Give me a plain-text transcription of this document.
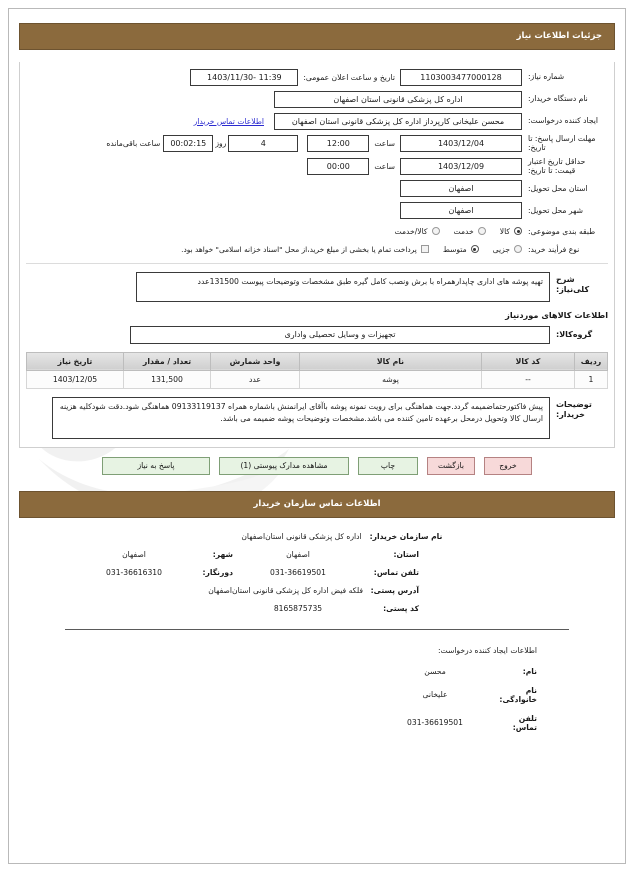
جزئیات اطلاعات نیاز
شماره نیاز:
1103003477000128
تاریخ و ساعت اعلان عمومی:
11:39 -1403/11/30
نام دستگاه خریدار:
اداره کل پزشکی قانونی استان اصفهان
ایجاد کننده درخواست:
محسن علیخانی کارپرداز اداره کل پزشکی قانونی استان اصفهان
اطلاعات تماس خریدار
مهلت ارسال پاسخ: تا تاریخ:
1403/12/04
ساعت
12:00
4
روز
00:02:15
ساعت باقی‌مانده
حداقل تاریخ اعتبار قیمت: تا تاریخ:
1403/12/09
ساعت
00:00
استان محل تحویل:
اصفهان
شهر محل تحویل:
اصفهان
طبقه بندی موضوعی:
کالا
خدمت
کالا/خدمت
نوع فرأیند خرید:
جزیی
متوسط
پرداخت تمام یا بخشی از مبلغ خرید،از محل "اسناد خزانه اسلامی" خواهد بود.
شرح کلی‌نیاز:
تهیه پوشه های اداری چاپدارهمراه با برش ونصب کامل گیره طبق مشخصات وتوضیحات پیوست 131500عدد
اطلاعات کالاهای موردنیاز
گروه‌کالا:
تجهیزات و وسایل تحصیلی واداری
ردیف	کد کالا	نام کالا	واحد شمارش	تعداد / مقدار	تاریخ نیاز
1	--	پوشه	عدد	131,500	1403/12/05
توضیحات خریدار:
پیش فاکتورحتماضمیمه گردد.جهت هماهنگی برای رویت نمونه پوشه باآقای ایرانمنش باشماره همراه 09133119137 هماهنگی شود.دقت شودکلیه هزینه ارسال کالا وتحویل درمحل برعهده تامین کننده می باشد.مشخصات وتوضیحات پوشه ضمیمه می باشد.
خروج
بازگشت
چاپ
مشاهده مدارک پیوستی (1)
پاسخ به نیاز
اطلاعات تماس سازمان خریدار
نام سازمان خریدار:
اداره کل پزشکی قانونی استان‌اصفهان
استان:
اصفهان
شهر:
اصفهان
تلفن تماس:
031-36619501
دورنگار:
031-36616310
آدرس پستی:
فلکه فیض اداره کل پزشکی قانونی استان‌اصفهان
کد پستی:
8165875735
اطلاعات ایجاد کننده درخواست:
نام:
محسن
نام خانوادگی:
علیخانی
تلفن تماس:
031-36619501
